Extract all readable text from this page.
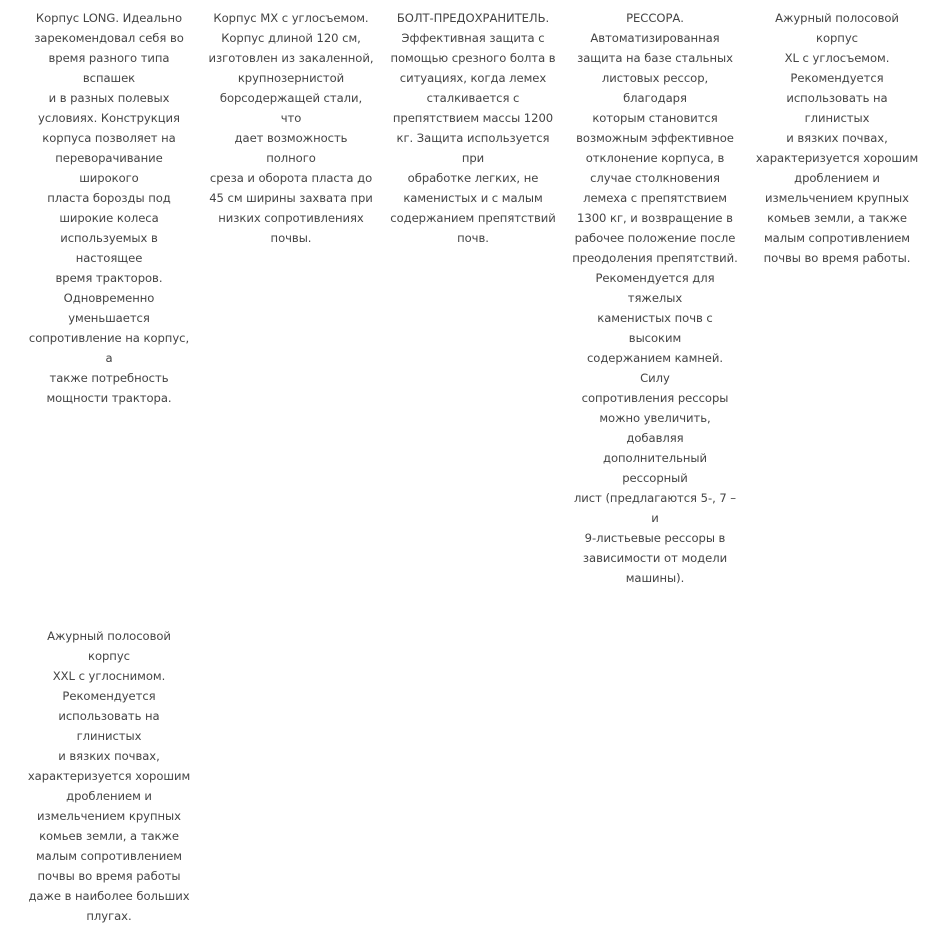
Корпус LONG. Идеально
зарекомендовал себя во
время разного типа вспашек
и в разных полевых
условиях. Конструкция
корпуса позволяет на
переворачивание широкого
пласта борозды под
широкие колеса
используемых в настоящее
время тракторов.
Одновременно
уменьшается
сопротивление на корпус, а
также потребность
мощности трактора.

Корпус MX с углосъемом.
Корпус длиной 120 см,
изготовлен из закаленной,
крупнозернистой
борсодержащей стали, что
дает возможность полного
среза и оборота пласта до
45 см ширины захвата при
низких сопротивлениях
почвы.

БОЛТ-ПРЕДОХРАНИТЕЛЬ.
Эффективная защита с
помощью срезного болта в
ситуациях, когда лемех
сталкивается с
препятствием массы 1200
кг. Защита используется при
обработке легких, не
каменистых и с малым
содержанием препятствий
почв.

РЕССОРА.
Автоматизированная
защита на базе стальных
листовых рессор, благодаря
которым становится
возможным эффективное
отклонение корпуса, в
случае столкновения
лемеха с препятствием
1300 кг, и возвращение в
рабочее положение после
преодоления препятствий.
Рекомендуется для тяжелых
каменистых почв с высоким
содержанием камней. Силу
сопротивления рессоры
можно увеличить, добавляя
дополнительный рессорный
лист (предлагаются 5-, 7 – и
9-листьевые рессоры в
зависимости от модели
машины).

Ажурный полосовой корпус
XL с углосъемом.
Рекомендуется
использовать на глинистых
и вязких почвах,
характеризуется хорошим
дроблением и
измельчением крупных
комьев земли, а также
малым сопротивлением
почвы во время работы.

Ажурный полосовой корпус
XXL с углоснимом.
Рекомендуется
использовать на глинистых
и вязких почвах,
характеризуется хорошим
дроблением и
измельчением крупных
комьев земли, а также
малым сопротивлением
почвы во время работы
даже в наиболее больших
плугах.
